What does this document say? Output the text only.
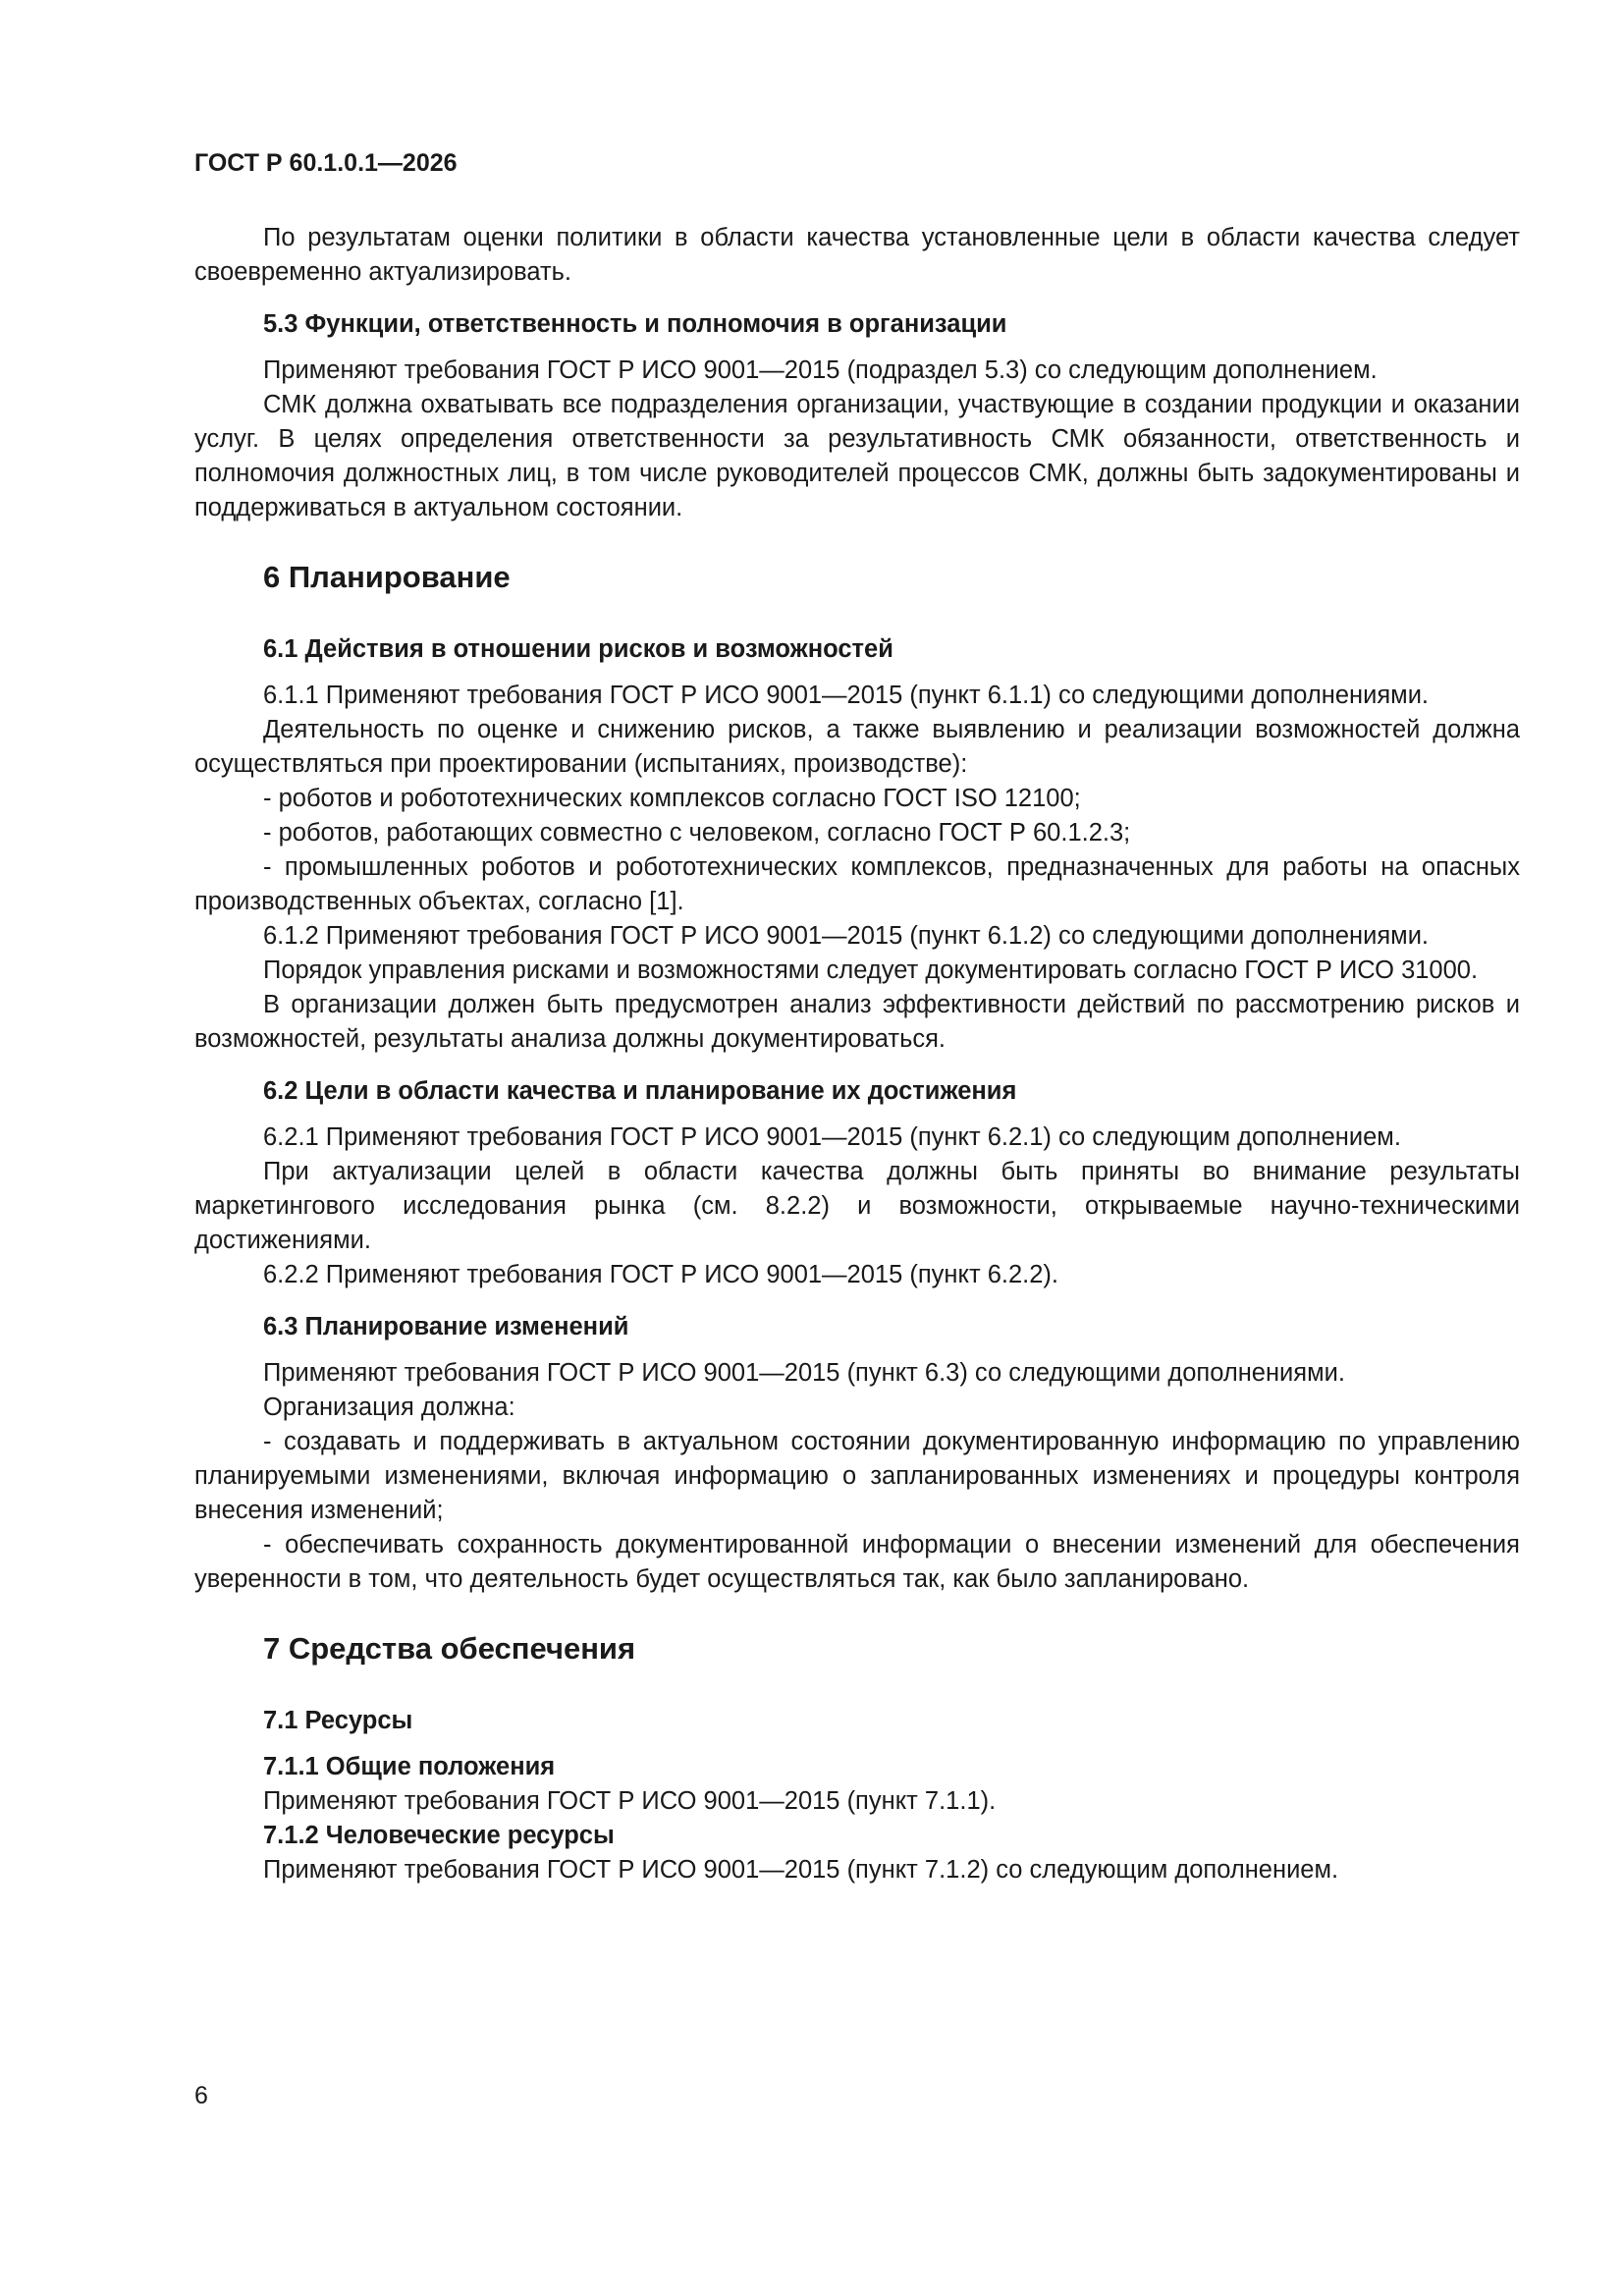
ГОСТ Р 60.1.0.1—2026

По результатам оценки политики в области качества установленные цели в области качества следует своевременно актуализировать.

5.3 Функции, ответственность и полномочия в организации

Применяют требования ГОСТ Р ИСО 9001—2015 (подраздел 5.3) со следующим дополнением.

СМК должна охватывать все подразделения организации, участвующие в создании продукции и оказании услуг. В целях определения ответственности за результативность СМК обязанности, ответственность и полномочия должностных лиц, в том числе руководителей процессов СМК, должны быть задокументированы и поддерживаться в актуальном состоянии.

6 Планирование
6.1 Действия в отношении рисков и возможностей

6.1.1 Применяют требования ГОСТ Р ИСО 9001—2015 (пункт 6.1.1) со следующими дополнениями.

Деятельность по оценке и снижению рисков, а также выявлению и реализации возможностей должна осуществляться при проектировании (испытаниях, производстве):

- роботов и робототехнических комплексов согласно ГОСТ ISO 12100;

- роботов, работающих совместно с человеком, согласно ГОСТ Р 60.1.2.3;

- промышленных роботов и робототехнических комплексов, предназначенных для работы на опасных производственных объектах, согласно [1].

6.1.2 Применяют требования ГОСТ Р ИСО 9001—2015 (пункт 6.1.2) со следующими дополнениями.

Порядок управления рисками и возможностями следует документировать согласно ГОСТ Р ИСО 31000.

В организации должен быть предусмотрен анализ эффективности действий по рассмотрению рисков и возможностей, результаты анализа должны документироваться.

6.2 Цели в области качества и планирование их достижения

6.2.1 Применяют требования ГОСТ Р ИСО 9001—2015 (пункт 6.2.1) со следующим дополнением.

При актуализации целей в области качества должны быть приняты во внимание результаты маркетингового исследования рынка (см. 8.2.2) и возможности, открываемые научно-техническими достижениями.

6.2.2 Применяют требования ГОСТ Р ИСО 9001—2015 (пункт 6.2.2).

6.3 Планирование изменений

Применяют требования ГОСТ Р ИСО 9001—2015 (пункт 6.3) со следующими дополнениями.

Организация должна:

- создавать и поддерживать в актуальном состоянии документированную информацию по управлению планируемыми изменениями, включая информацию о запланированных изменениях и процедуры контроля внесения изменений;

- обеспечивать сохранность документированной информации о внесении изменений для обеспечения уверенности в том, что деятельность будет осуществляться так, как было запланировано.

7 Средства обеспечения
7.1 Ресурсы
7.1.1 Общие положения

Применяют требования ГОСТ Р ИСО 9001—2015 (пункт 7.1.1).

7.1.2 Человеческие ресурсы

Применяют требования ГОСТ Р ИСО 9001—2015 (пункт 7.1.2) со следующим дополнением.

6
